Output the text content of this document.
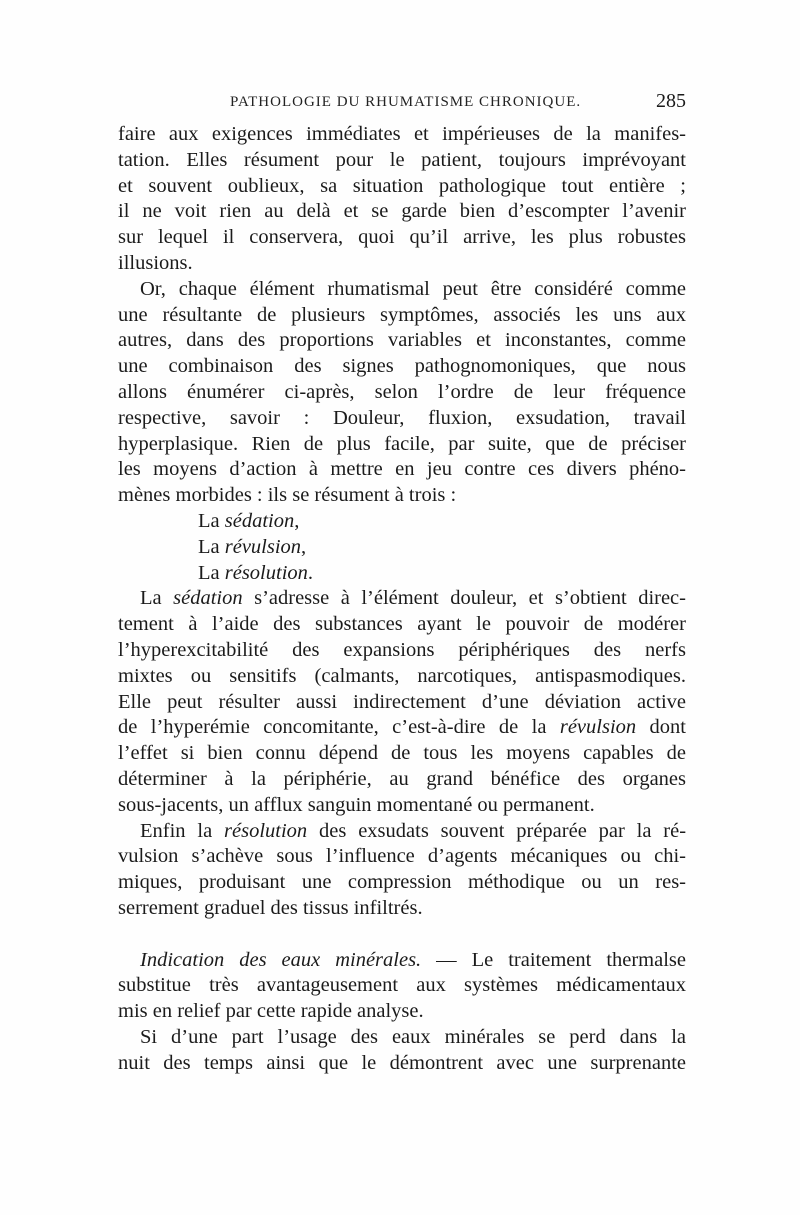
PATHOLOGIE DU RHUMATISME CHRONIQUE.	285
faire aux exigences immédiates et impérieuses de la manifes-
tation. Elles résument pour le patient, toujours imprévoyant
et souvent oublieux, sa situation pathologique tout entière ;
il ne voit rien au delà et se garde bien d’escompter l’avenir
sur lequel il conservera, quoi qu’il arrive, les plus robustes
illusions.
Or, chaque élément rhumatismal peut être considéré comme
une résultante de plusieurs symptômes, associés les uns aux
autres, dans des proportions variables et inconstantes, comme
une combinaison des signes pathognomoniques, que nous
allons énumérer ci-après, selon l’ordre de leur fréquence
respective, savoir : Douleur, fluxion, exsudation, travail
hyperplasique. Rien de plus facile, par suite, que de préciser
les moyens d’action à mettre en jeu contre ces divers phéno-
mènes morbides : ils se résument à trois :
La sédation,
La révulsion,
La résolution.
La sédation s’adresse à l’élément douleur, et s’obtient direc-
tement à l’aide des substances ayant le pouvoir de modérer
l’hyperexcitabilité des expansions périphériques des nerfs
mixtes ou sensitifs (calmants, narcotiques, antispasmodiques.
Elle peut résulter aussi indirectement d’une déviation active
de l’hyperémie concomitante, c’est-à-dire de la révulsion dont
l’effet si bien connu dépend de tous les moyens capables de
déterminer à la périphérie, au grand bénéfice des organes
sous-jacents, un afflux sanguin momentané ou permanent.
Enfin la résolution des exsudats souvent préparée par la ré-
vulsion s’achève sous l’influence d’agents mécaniques ou chi-
miques, produisant une compression méthodique ou un res-
serrement graduel des tissus infiltrés.
Indication des eaux minérales. — Le traitement thermalse
substitue très avantageusement aux systèmes médicamentaux
mis en relief par cette rapide analyse.
Si d’une part l’usage des eaux minérales se perd dans la
nuit des temps ainsi que le démontrent avec une surprenante
